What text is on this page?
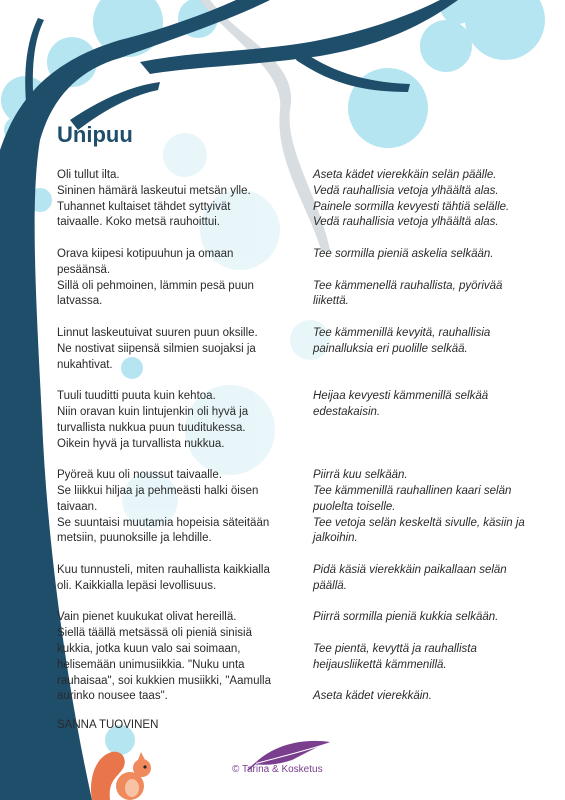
Unipuu
Oli tullut ilta.
Sininen hämärä laskeutui metsän ylle.
Tuhannet kultaiset tähdet syttyivät
taivaalle. Koko metsä rauhoittui.
Orava kiipesi kotipuuhun ja omaan
pesäänsä.
Sillä oli pehmoinen, lämmin pesä puun
latvassa.
Linnut laskeutuivat suuren puun oksille.
Ne nostivat siipensä silmien suojaksi ja
nukahtivat.
Tuuli tuuditti puuta kuin kehtoa.
Niin oravan kuin lintujenkin oli hyvä ja
turvallista nukkua puun tuuditukessa.
Oikein hyvä ja turvallista nukkua.
Pyöreä kuu oli noussut taivaalle.
Se liikkui hiljaa ja pehmeästi halki öisen
taivaan.
Se suuntaisi muutamia hopeisia säteitään
metsiin, puunoksille ja lehdille.
Kuu tunnusteli, miten rauhallista kaikkialla
oli. Kaikkialla lepäsi levollisuus.
Vain pienet kuukukat olivat hereillä.
Siellä täällä metsässä oli pieniä sinisiä
kukkia, jotka kuun valo sai soimaan,
helisemään unimusiikkia. "Nuku unta
rauhaisaa", soi kukkien musiikki, "Aamulla
aurinko nousee taas".
Aseta kädet vierekkäin selän päälle.
Vedä rauhallisia vetoja ylhäältä alas.
Painele sormilla kevyesti tähtiä selälle.
Vedä rauhallisia vetoja ylhäältä alas.
Tee sormilla pieniä askelia selkään.
Tee kämmenellä rauhallista, pyörivää
liikettä.
Tee kämmenillä kevyitä, rauhallisia
painalluksia eri puolille selkää.
Heijaa kevyesti kämmenillä selkää
edestakaisin.
Piirrä kuu selkään.
Tee kämmenillä rauhallinen kaari selän
puolelta toiselle.
Tee vetoja selän keskeltä sivulle, käsiin ja
jalkoihin.
Pidä käsiä vierekkäin paikallaan selän
päällä.
Piirrä sormilla pieniä kukkia selkään.
Tee pientä, kevyttä ja rauhallista
heijausliikettä kämmenillä.
Aseta kädet vierekkäin.
SANNA TUOVINEN
© Tarina & Kosketus
